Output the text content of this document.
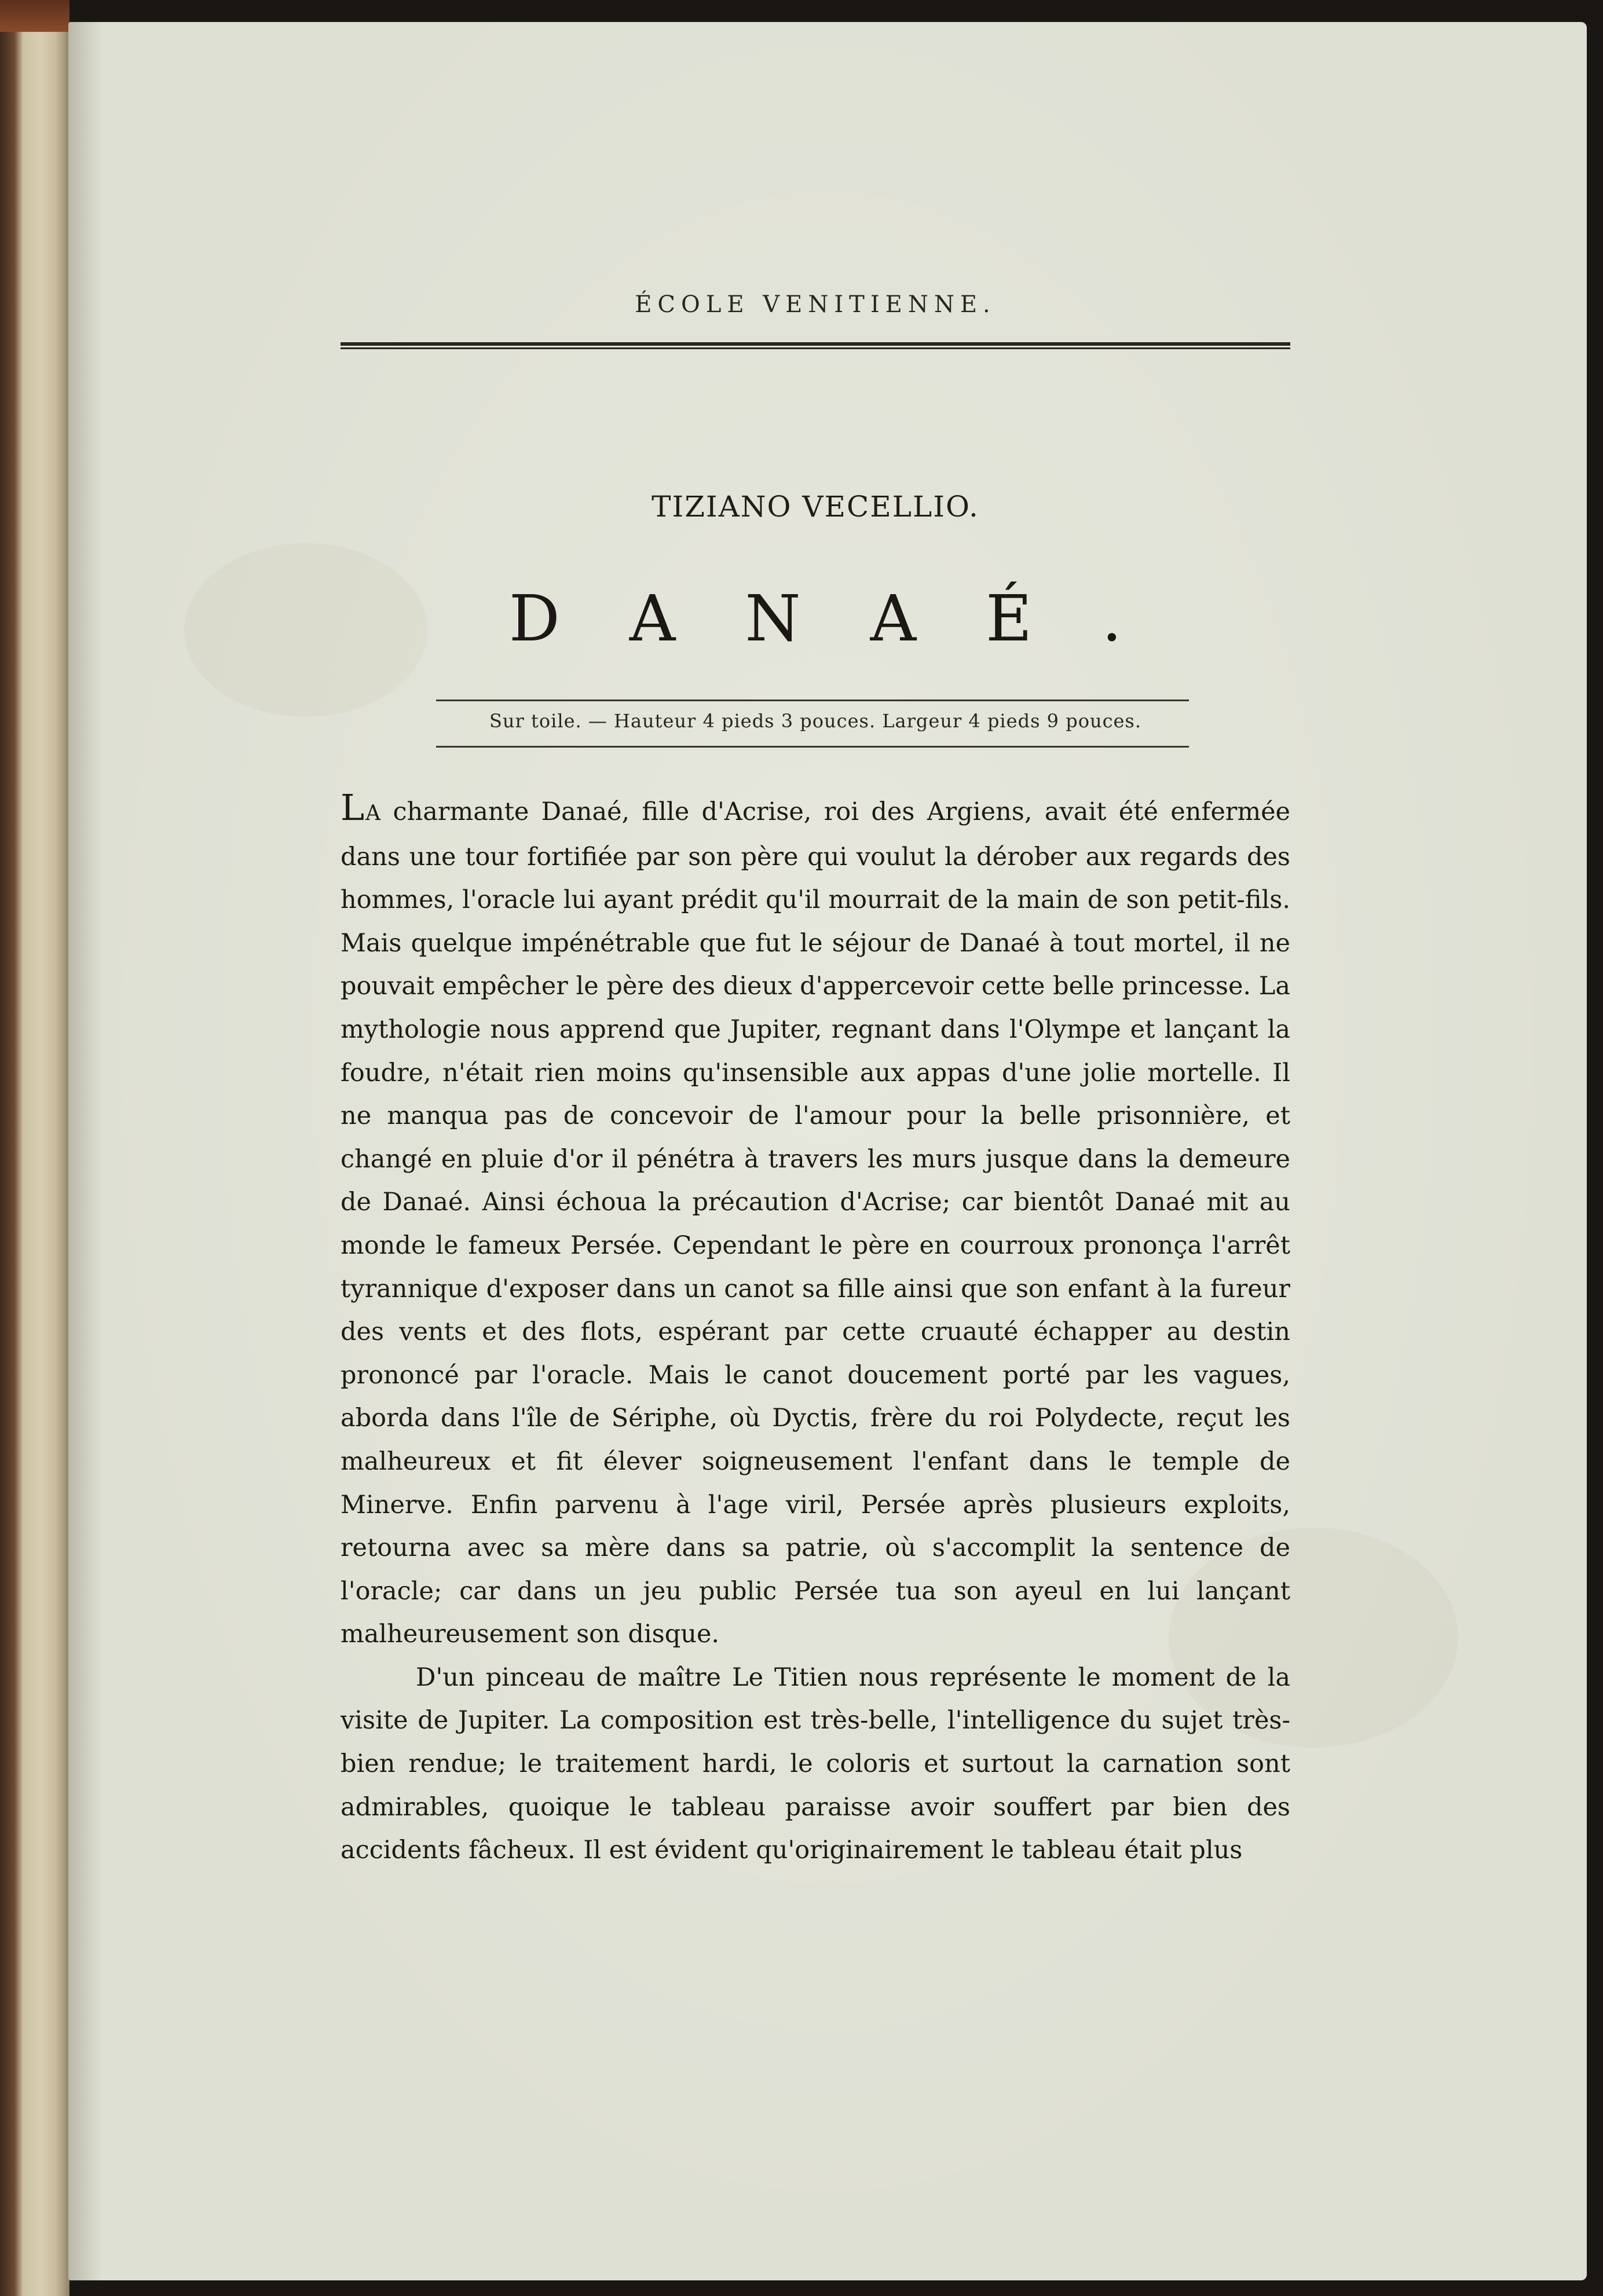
ÉCOLE VENITIENNE.
TIZIANO VECELLIO.
DANAÉ.
Sur toile. — Hauteur 4 pieds 3 pouces. Largeur 4 pieds 9 pouces.

LA charmante Danaé, fille d'Acrise, roi des Argiens, avait été enfermée dans une tour fortifiée par son père qui voulut la dérober aux regards des hommes, l'oracle lui ayant prédit qu'il mourrait de la main de son petit-fils. Mais quelque impénétrable que fut le séjour de Danaé à tout mortel, il ne pouvait empêcher le père des dieux d'appercevoir cette belle princesse. La mythologie nous apprend que Jupiter, regnant dans l'Olympe et lançant la foudre, n'était rien moins qu'insensible aux appas d'une jolie mortelle. Il ne manqua pas de concevoir de l'amour pour la belle prisonnière, et changé en pluie d'or il pénétra à travers les murs jusque dans la demeure de Danaé. Ainsi échoua la précaution d'Acrise; car bientôt Danaé mit au monde le fameux Persée. Cependant le père en courroux prononça l'arrêt tyrannique d'exposer dans un canot sa fille ainsi que son enfant à la fureur des vents et des flots, espérant par cette cruauté échapper au destin prononcé par l'oracle. Mais le canot doucement porté par les vagues, aborda dans l'île de Sériphe, où Dyctis, frère du roi Polydecte, reçut les malheureux et fit élever soigneusement l'enfant dans le temple de Minerve. Enfin parvenu à l'age viril, Persée après plusieurs exploits, retourna avec sa mère dans sa patrie, où s'accomplit la sentence de l'oracle; car dans un jeu public Persée tua son ayeul en lui lançant malheureusement son disque.

D'un pinceau de maître Le Titien nous représente le moment de la visite de Jupiter. La composition est très-belle, l'intelligence du sujet très-bien rendue; le traitement hardi, le coloris et surtout la carnation sont admirables, quoique le tableau paraisse avoir souffert par bien des accidents fâcheux. Il est évident qu'originairement le tableau était plus
